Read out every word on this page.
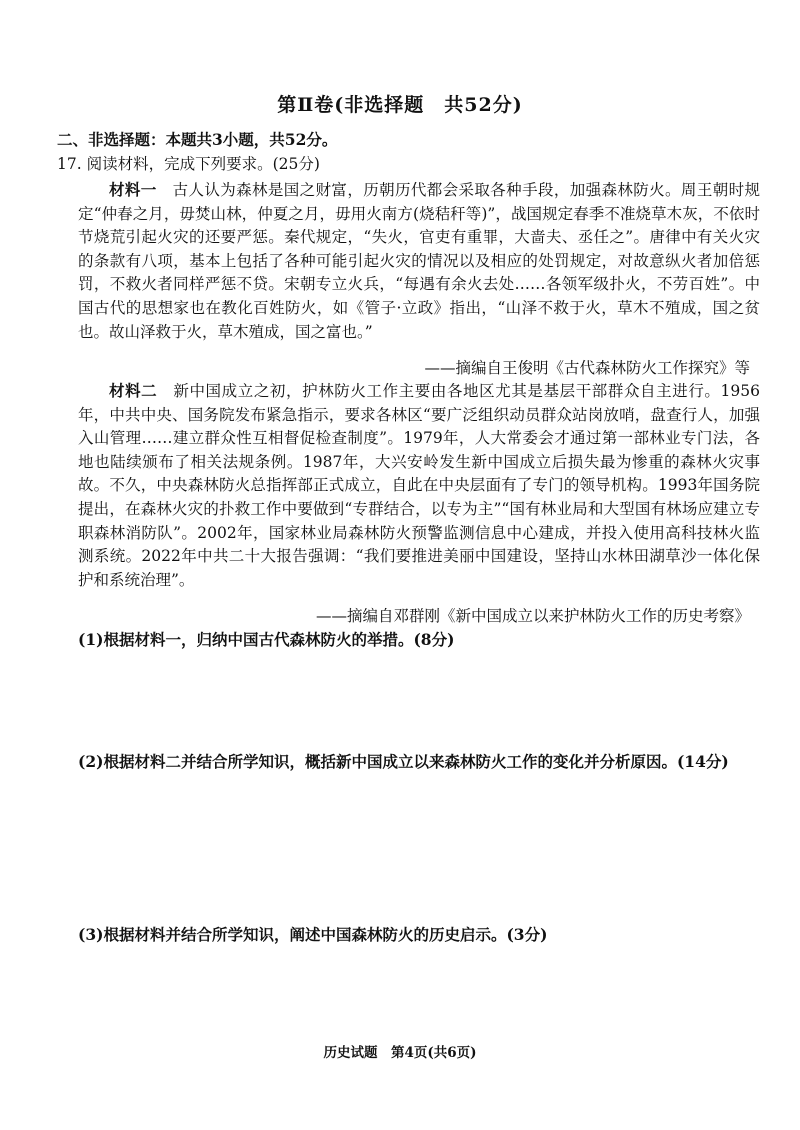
第Ⅱ卷(非选择题　共52分)
二、非选择题：本题共3小题，共52分。
17. 阅读材料，完成下列要求。(25分)
材料一　 古人认为森林是国之财富，历朝历代都会采取各种手段，加强森林防火。周王朝时规定“仲春之月，毋焚山林，仲夏之月，毋用火南方(烧秸秆等)”，战国规定春季不准烧草木灰，不依时节烧荒引起火灾的还要严惩。秦代规定，“失火，官吏有重罪，大啬夫、丞任之”。唐律中有关火灾的条款有八项，基本上包括了各种可能引起火灾的情况以及相应的处罚规定，对故意纵火者加倍惩罚，不救火者同样严惩不贷。宋朝专立火兵，“每遇有余火去处……各领军级扑火，不劳百姓”。中国古代的思想家也在教化百姓防火，如《管子·立政》指出，“山泽不救于火，草木不殖成，国之贫也。故山泽救于火，草木殖成，国之富也。”
——摘编自王俊明《古代森林防火工作探究》等
材料二　 新中国成立之初，护林防火工作主要由各地区尤其是基层干部群众自主进行。1956年，中共中央、国务院发布紧急指示，要求各林区“要广泛组织动员群众站岗放哨，盘查行人，加强入山管理……建立群众性互相督促检查制度”。1979年，人大常委会才通过第一部林业专门法，各地也陆续颁布了相关法规条例。1987年，大兴安岭发生新中国成立后损失最为惨重的森林火灾事故。不久，中央森林防火总指挥部正式成立，自此在中央层面有了专门的领导机构。1993年国务院提出，在森林火灾的扑救工作中要做到“专群结合，以专为主”“国有林业局和大型国有林场应建立专职森林消防队”。2002年，国家林业局森林防火预警监测信息中心建成，并投入使用高科技林火监测系统。2022年中共二十大报告强调：“我们要推进美丽中国建设，坚持山水林田湖草沙一体化保护和系统治理”。
——摘编自邓群刚《新中国成立以来护林防火工作的历史考察》
(1)根据材料一，归纳中国古代森林防火的举措。(8分)
(2)根据材料二并结合所学知识，概括新中国成立以来森林防火工作的变化并分析原因。(14分)
(3)根据材料并结合所学知识，阐述中国森林防火的历史启示。(3分)
历史试题　第4页(共6页)
